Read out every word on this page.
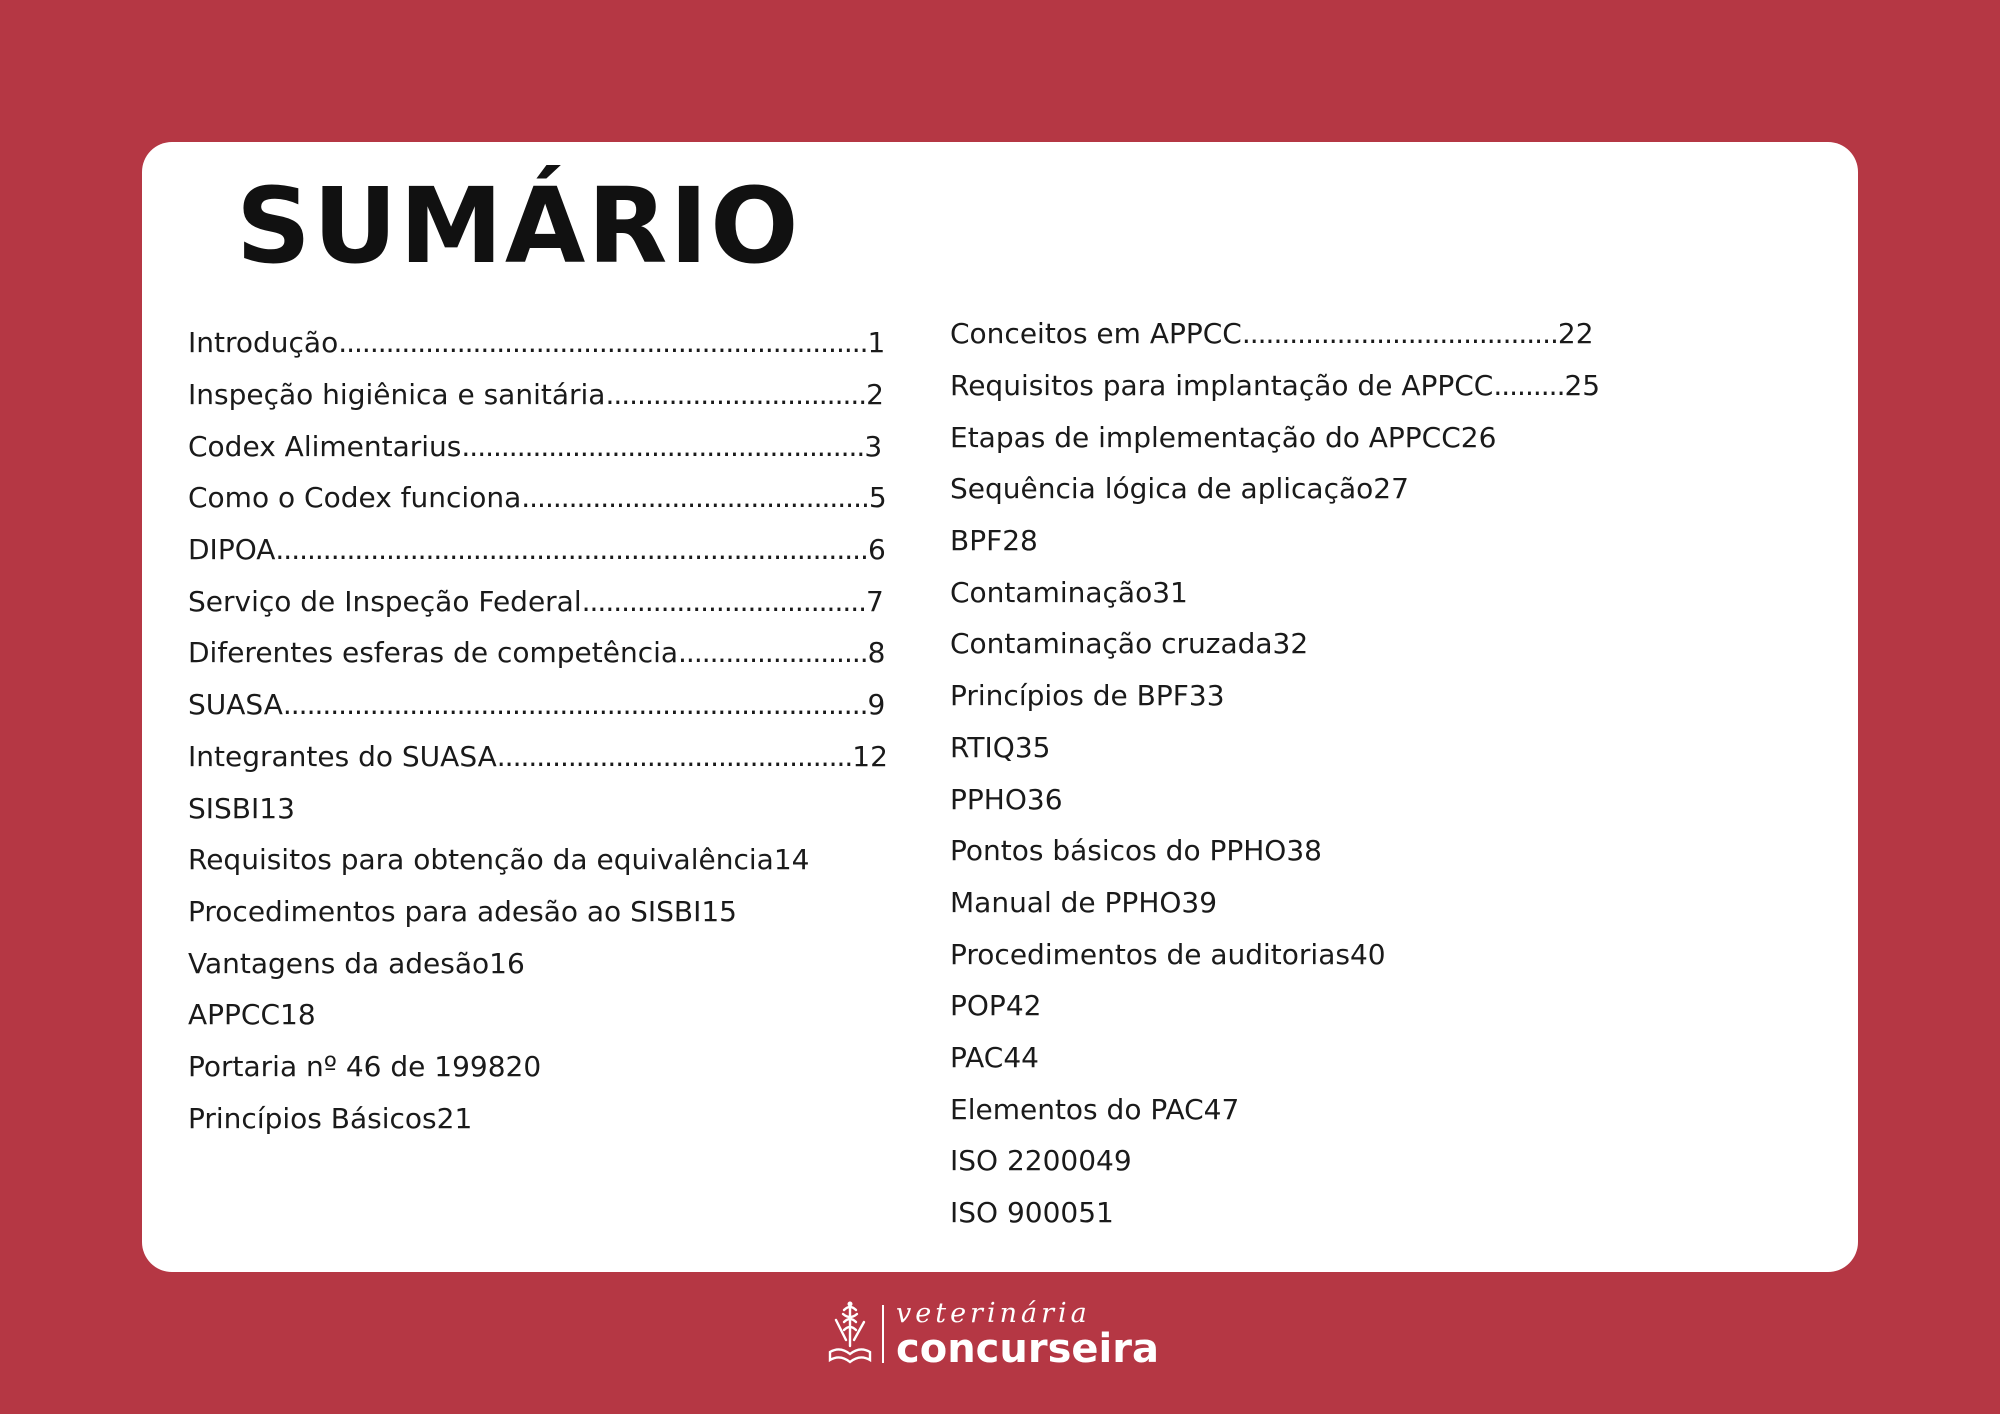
SUMÁRIO
Introdução ................................................................... 1
Inspeção higiênica e sanitária ................................. 2
Codex Alimentarius ................................................... 3
Como o Codex funciona ............................................ 5
DIPOA ........................................................................... 6
Serviço de Inspeção Federal .................................... 7
Diferentes esferas de competência ........................ 8
SUASA .......................................................................... 9
Integrantes do SUASA ............................................. 12
SISBI 13
Requisitos para obtenção da equivalência 14
Procedimentos para adesão ao SISBI 15
Vantagens da adesão 16
APPCC 18
Portaria nº 46 de 1998 20
Princípios Básicos 21
Conceitos em APPCC ........................................ 22
Requisitos para implantação de APPCC ......... 25
Etapas de implementação do APPCC 26
Sequência lógica de aplicação 27
BPF 28
Contaminação 31
Contaminação cruzada 32
Princípios de BPF 33
RTIQ 35
PPHO 36
Pontos básicos do PPHO 38
Manual de PPHO 39
Procedimentos de auditorias 40
POP 42
PAC 44
Elementos do PAC 47
ISO 22000 49
ISO 9000 51
veterinária
concurseira
